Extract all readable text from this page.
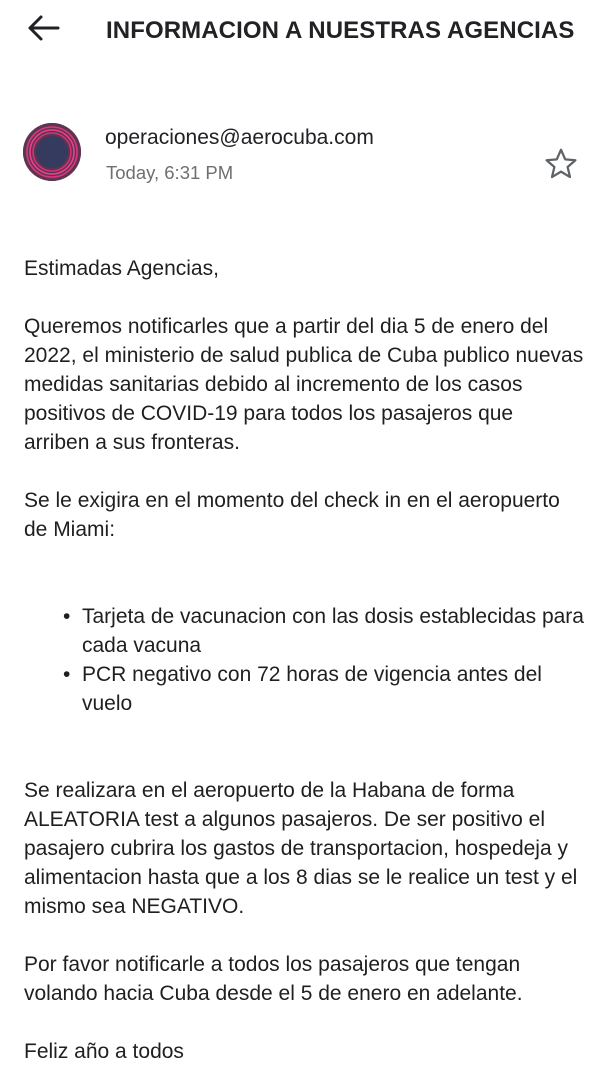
INFORMACION A NUESTRAS AGENCIAS
operaciones@aerocuba.com
Today, 6:31 PM

Estimadas Agencias,

Queremos notificarles que a partir del dia 5 de enero del 2022, el ministerio de salud publica de Cuba publico nuevas medidas sanitarias debido al incremento de los casos positivos de COVID-19 para todos los pasajeros que arriben a sus fronteras.

Se le exigira en el momento del check in en el aeropuerto de Miami:

• Tarjeta de vacunacion con las dosis establecidas para cada vacuna
• PCR negativo con 72 horas de vigencia antes del vuelo

Se realizara en el aeropuerto de la Habana de forma ALEATORIA test a algunos pasajeros. De ser positivo el pasajero cubrira los gastos de transportacion, hospedeja y alimentacion hasta que a los 8 dias se le realice un test y el mismo sea NEGATIVO.

Por favor notificarle a todos los pasajeros que tengan volando hacia Cuba desde el 5 de enero en adelante.

Feliz año a todos
